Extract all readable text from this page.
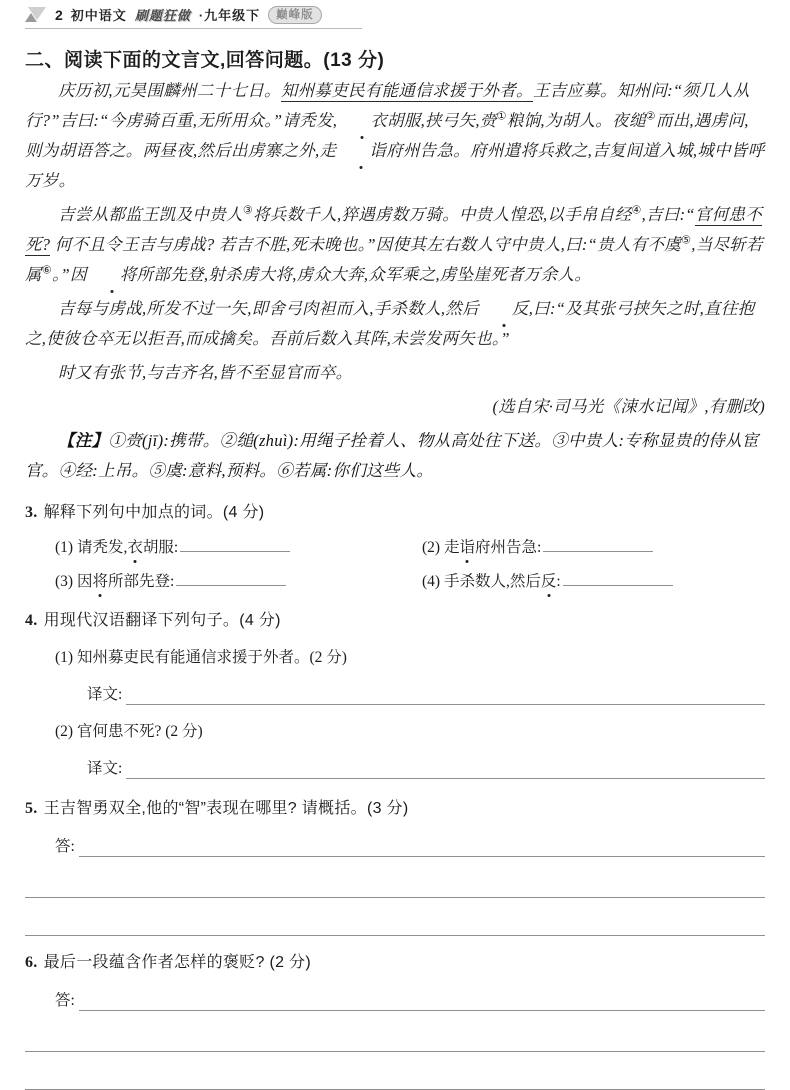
2 初中语文 刷题狂做 ·九年级下	巅峰版
二、阅读下面的文言文,回答问题。(13 分)

庆历初,元昊围麟州二十七日。知州募吏民有能通信求援于外者。王吉应募。知州问:“须几人从行?”吉曰:“今虏骑百重,无所用众。”请秃发, 衣胡服,挟弓矢,赍①粮饷,为胡人。夜缒②而出,遇虏问,则为胡语答之。两昼夜,然后出虏寨之外,走 诣府州告急。府州遣将兵救之,吉复间道入城,城中皆呼万岁。

吉尝从都监王凯及中贵人③将兵数千人,猝遇虏数万骑。中贵人惶恐,以手帛自经④,吉曰:“官何患不死? 何不且令王吉与虏战? 若吉不胜,死未晚也。”因使其左右数人守中贵人,曰:“贵人有不虞⑤,当尽斩若属⑥。”因 将所部先登,射杀虏大将,虏众大奔,众军乘之,虏坠崖死者万余人。

吉每与虏战,所发不过一矢,即舍弓肉袒而入,手杀数人,然后 反,曰:“及其张弓挟矢之时,直往抱之,使彼仓卒无以拒吾,而成擒矣。吾前后数入其阵,未尝发两矢也。”

时又有张节,与吉齐名,皆不至显官而卒。

(选自宋·司马光《涑水记闻》,有删改)

【注】①赍(jī):携带。②缒(zhuì):用绳子拴着人、物从高处往下送。③中贵人:专称显贵的侍从宦官。④经:上吊。⑤虞:意料,预料。⑥若属:你们这些人。

3. 解释下列句中加点的词。(4 分)
(1) 请秃发,衣胡服:	(2) 走诣府州告急:
(3) 因将所部先登:	(4) 手杀数人,然后反:
4. 用现代汉语翻译下列句子。(4 分)
(1) 知州募吏民有能通信求援于外者。(2 分)
译文:
(2) 官何患不死? (2 分)
译文:
5. 王吉智勇双全,他的“智”表现在哪里? 请概括。(3 分)
答:
6. 最后一段蕴含作者怎样的褒贬? (2 分)
答:
